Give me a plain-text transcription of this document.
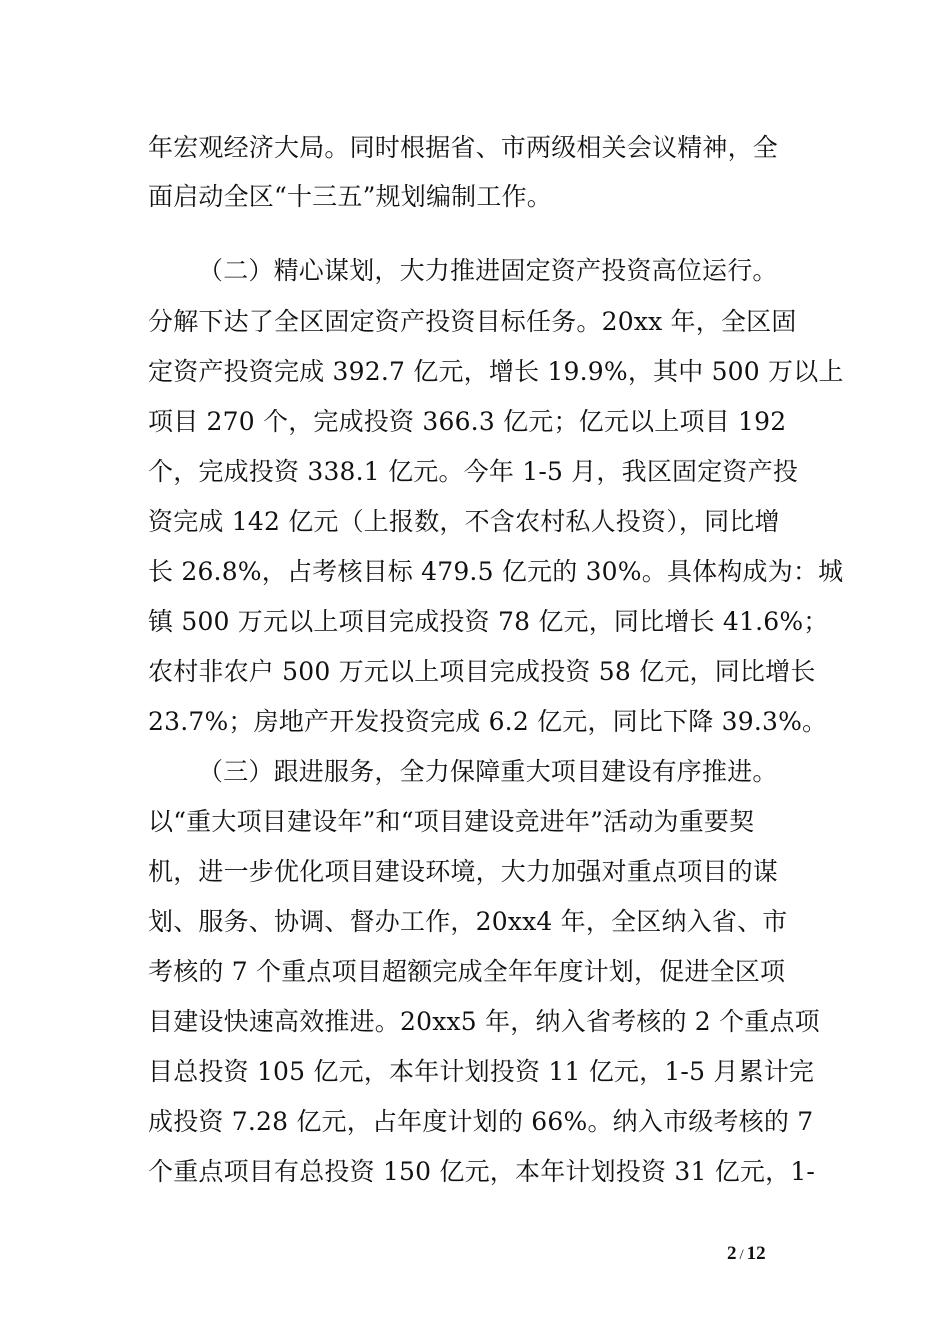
年宏观经济大局。同时根据省、市两级相关会议精神，全
面启动全区“十三五”规划编制工作。
（二）精心谋划，大力推进固定资产投资高位运行。
分解下达了全区固定资产投资目标任务。20xx 年，全区固
定资产投资完成 392.7 亿元，增长 19.9%，其中 500 万以上
项目 270 个，完成投资 366.3 亿元；亿元以上项目 192
个，完成投资 338.1 亿元。今年 1-5 月，我区固定资产投
资完成 142 亿元（上报数，不含农村私人投资），同比增
长 26.8%，占考核目标 479.5 亿元的 30%。具体构成为：城
镇 500 万元以上项目完成投资 78 亿元，同比增长 41.6%；
农村非农户 500 万元以上项目完成投资 58 亿元，同比增长
23.7%；房地产开发投资完成 6.2 亿元，同比下降 39.3%。
（三）跟进服务，全力保障重大项目建设有序推进。
以“重大项目建设年”和“项目建设竞进年”活动为重要契
机，进一步优化项目建设环境，大力加强对重点项目的谋
划、服务、协调、督办工作，20xx4 年，全区纳入省、市
考核的 7 个重点项目超额完成全年年度计划，促进全区项
目建设快速高效推进。20xx5 年，纳入省考核的 2 个重点项
目总投资 105 亿元，本年计划投资 11 亿元，1-5 月累计完
成投资 7.28 亿元，占年度计划的 66%。纳入市级考核的 7
个重点项目有总投资 150 亿元，本年计划投资 31 亿元，1-
2 / 12
